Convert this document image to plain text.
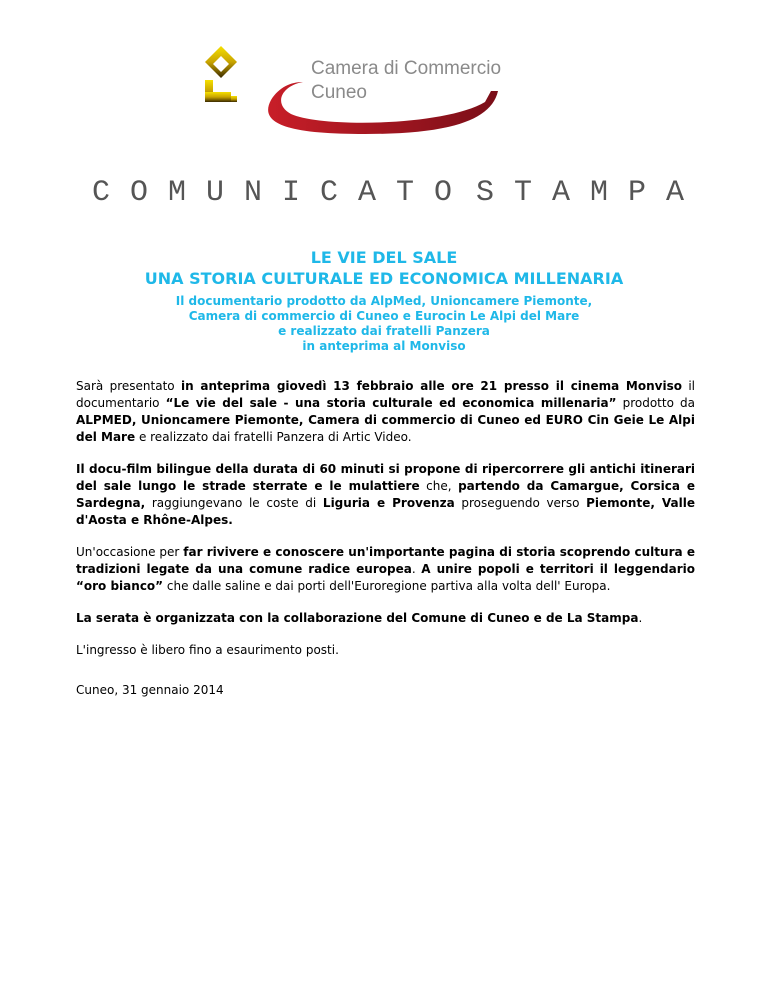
Camera di Commercio
Cuneo
COMUNICATO STAMPA
LE VIE DEL SALE
UNA STORIA CULTURALE ED ECONOMICA MILLENARIA
Il documentario prodotto da AlpMed, Unioncamere Piemonte,
Camera di commercio di Cuneo e Eurocin Le Alpi del Mare
e realizzato dai fratelli Panzera
in anteprima al Monviso

Sarà presentato in anteprima giovedì 13 febbraio alle ore 21 presso il cinema Monviso il documentario “Le vie del sale - una storia culturale ed economica millenaria” prodotto da ALPMED, Unioncamere Piemonte, Camera di commercio di Cuneo ed EURO Cin Geie Le Alpi del Mare e realizzato dai fratelli Panzera di Artic Video.

Il docu-film bilingue della durata di 60 minuti si propone di ripercorrere gli antichi itinerari del sale lungo le strade sterrate e le mulattiere che, partendo da Camargue, Corsica e Sardegna, raggiungevano le coste di Liguria e Provenza proseguendo verso Piemonte, Valle d'Aosta e Rhône-Alpes.

Un'occasione per far rivivere e conoscere un'importante pagina di storia scoprendo cultura e tradizioni legate da una comune radice europea. A unire popoli e territori il leggendario “oro bianco” che dalle saline e dai porti dell'Euroregione partiva alla volta dell' Europa.

La serata è organizzata con la collaborazione del Comune di Cuneo e de La Stampa.

L'ingresso è libero fino a esaurimento posti.

Cuneo, 31 gennaio 2014
